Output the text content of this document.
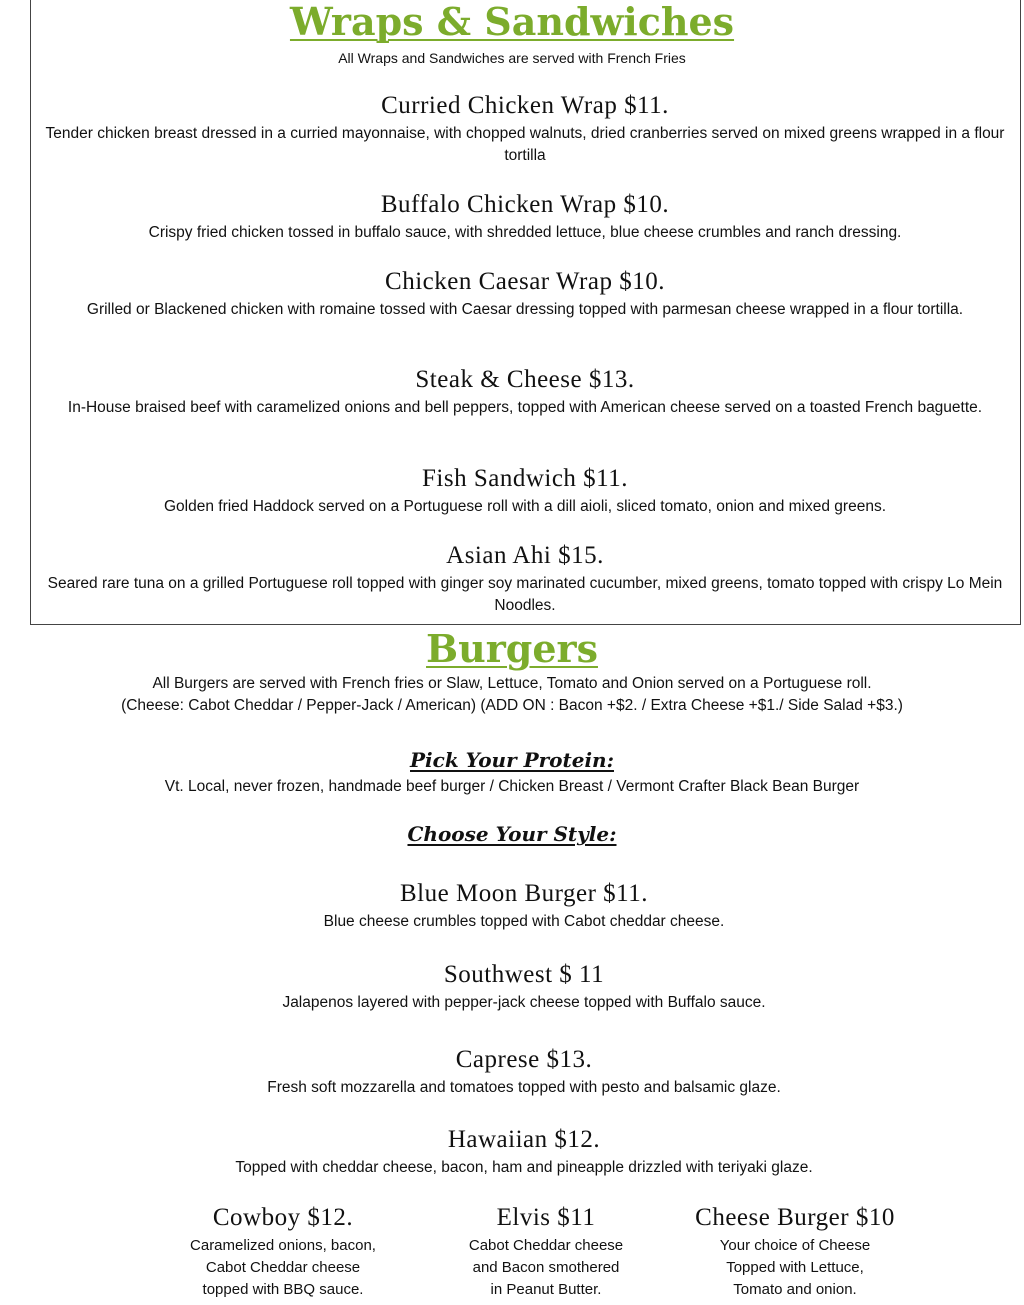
Wraps & Sandwiches
All Wraps and Sandwiches are served with French Fries
Curried Chicken Wrap $11.
Tender chicken breast dressed in a curried mayonnaise, with chopped walnuts, dried cranberries served on mixed greens wrapped in a flour tortilla
Buffalo Chicken Wrap $10.
Crispy fried chicken tossed in buffalo sauce, with shredded lettuce, blue cheese crumbles and ranch dressing.
Chicken Caesar Wrap $10.
Grilled or Blackened chicken with romaine tossed with Caesar dressing topped with parmesan cheese wrapped in a flour tortilla.
Steak & Cheese $13.
In-House braised beef with caramelized onions and bell peppers, topped with American cheese served on a toasted French baguette.
Fish Sandwich $11.
Golden fried Haddock served on a Portuguese roll with a dill aioli, sliced tomato, onion and mixed greens.
Asian Ahi $15.
Seared rare tuna on a grilled Portuguese roll topped with ginger soy marinated cucumber, mixed greens, tomato topped with crispy Lo Mein Noodles.
Burgers
All Burgers are served with French fries or Slaw, Lettuce, Tomato and Onion served on a Portuguese roll.
(Cheese: Cabot Cheddar / Pepper-Jack / American) (ADD ON : Bacon +$2. / Extra Cheese +$1./ Side Salad +$3.)
Pick Your Protein:
Vt. Local, never frozen, handmade beef burger / Chicken Breast / Vermont Crafter Black Bean Burger
Choose Your Style:
Blue Moon Burger $11.
Blue cheese crumbles topped with Cabot cheddar cheese.
Southwest $ 11
Jalapenos layered with pepper-jack cheese topped with Buffalo sauce.
Caprese $13.
Fresh soft mozzarella and tomatoes topped with pesto and balsamic glaze.
Hawaiian $12.
Topped with cheddar cheese, bacon, ham and pineapple drizzled with teriyaki glaze.
Cowboy $12.
Caramelized onions, bacon,
Cabot Cheddar cheese
topped with BBQ sauce.
Elvis $11
Cabot Cheddar cheese
and Bacon smothered
in Peanut Butter.
Cheese Burger $10
Your choice of Cheese
Topped with Lettuce,
Tomato and onion.
